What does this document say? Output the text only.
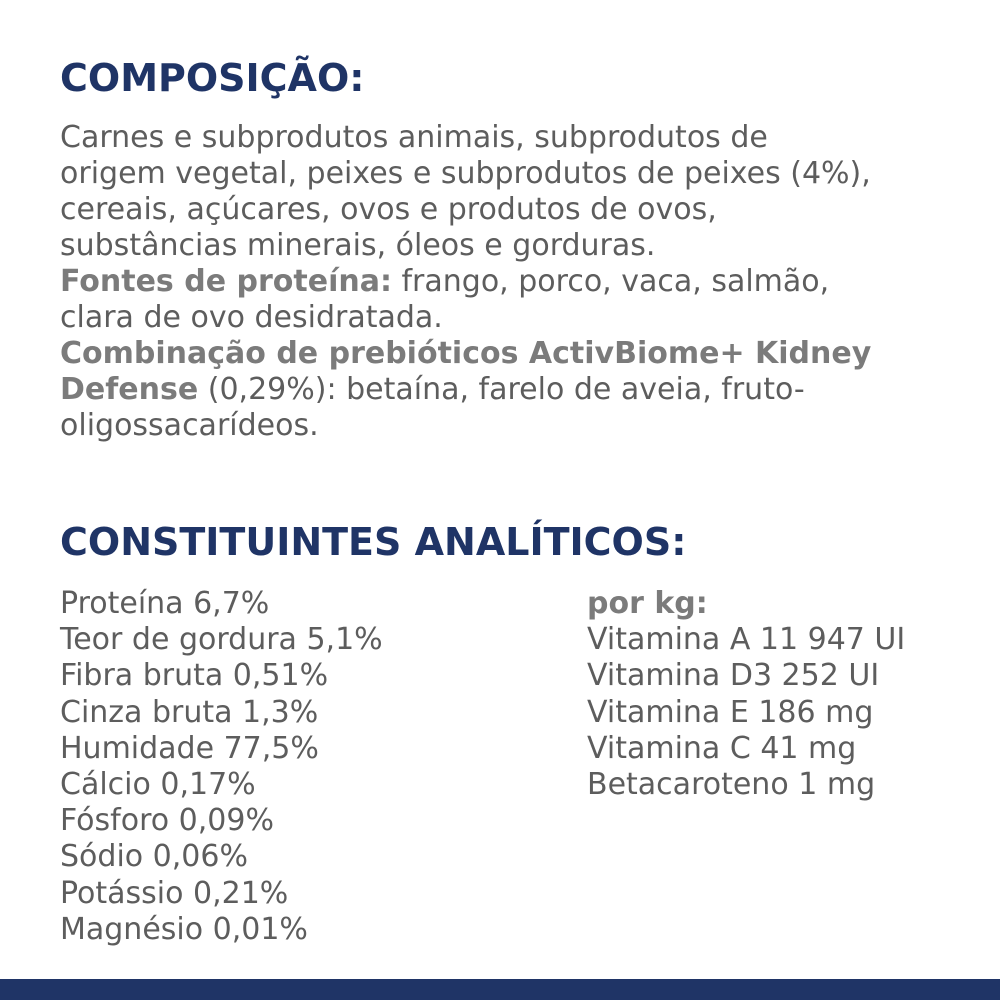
COMPOSIÇÃO:

Carnes e subprodutos animais, subprodutos de
origem vegetal, peixes e subprodutos de peixes (4%),
cereais, açúcares, ovos e produtos de ovos,
substâncias minerais, óleos e gorduras.
Fontes de proteína: frango, porco, vaca, salmão,
clara de ovo desidratada.
Combinação de prebióticos ActivBiome+ Kidney
Defense (0,29%): betaína, farelo de aveia, fruto-
oligossacarídeos.

CONSTITUINTES ANALÍTICOS:
Proteína 6,7%
Teor de gordura 5,1%
Fibra bruta 0,51%
Cinza bruta 1,3%
Humidade 77,5%
Cálcio 0,17%
Fósforo 0,09%
Sódio 0,06%
Potássio 0,21%
Magnésio 0,01%
por kg:
Vitamina A 11 947 UI
Vitamina D3 252 UI
Vitamina E 186 mg
Vitamina C 41 mg
Betacaroteno 1 mg
